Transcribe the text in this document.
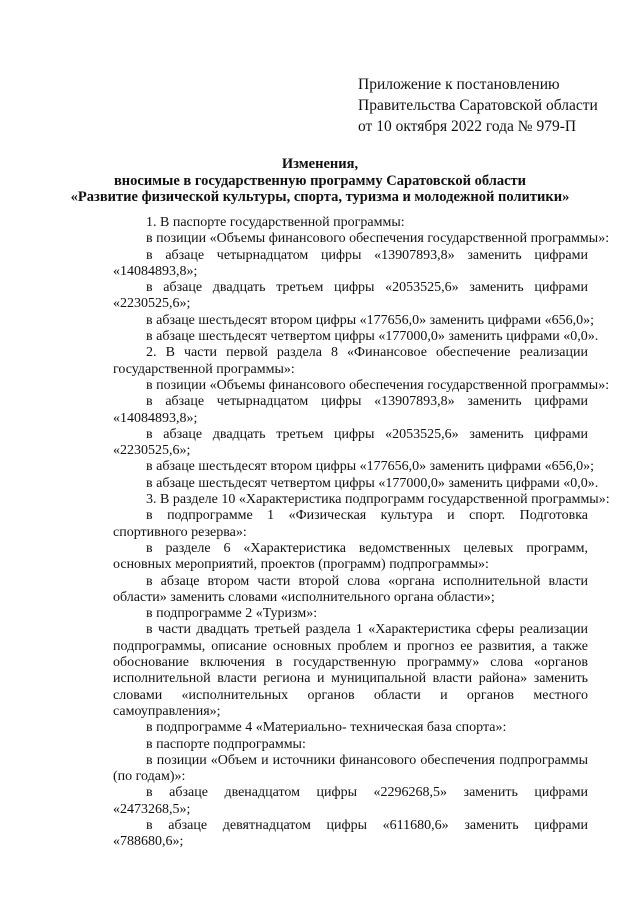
Приложение к постановлению
Правительства Саратовской области
от 10 октября 2022 года № 979-П
Изменения,
вносимые в государственную программу Саратовской области
«Развитие физической культуры, спорта, туризма и молодежной политики»

1. В паспорте государственной программы:

в позиции «Объемы финансового обеспечения государственной программы»:

в абзаце четырнадцатом цифры «13907893,8» заменить цифрами «14084893,8»;

в абзаце двадцать третьем цифры «2053525,6» заменить цифрами «2230525,6»;

в абзаце шестьдесят втором цифры «177656,0» заменить цифрами «656,0»;

в абзаце шестьдесят четвертом цифры «177000,0» заменить цифрами «0,0».

2. В части первой раздела 8 «Финансовое обеспечение реализации государственной программы»:

в позиции «Объемы финансового обеспечения государственной программы»:

в абзаце четырнадцатом цифры «13907893,8» заменить цифрами «14084893,8»;

в абзаце двадцать третьем цифры «2053525,6» заменить цифрами «2230525,6»;

в абзаце шестьдесят втором цифры «177656,0» заменить цифрами «656,0»;

в абзаце шестьдесят четвертом цифры «177000,0» заменить цифрами «0,0».

3. В разделе 10 «Характеристика подпрограмм государственной программы»:

в подпрограмме 1 «Физическая культура и спорт. Подготовка спортивного резерва»:

в разделе 6 «Характеристика ведомственных целевых программ, основных мероприятий, проектов (программ) подпрограммы»:

в абзаце втором части второй слова «органа исполнительной власти области» заменить словами «исполнительного органа области»;

в подпрограмме 2 «Туризм»:

в части двадцать третьей раздела 1 «Характеристика сферы реализации подпрограммы, описание основных проблем и прогноз ее развития, а также обоснование включения в государственную программу» слова «органов исполнительной власти региона и муниципальной власти района» заменить словами «исполнительных органов области и органов местного самоуправления»;

в подпрограмме 4 «Материально- техническая база спорта»:

в паспорте подпрограммы:

в позиции «Объем и источники финансового обеспечения подпрограммы (по годам)»:

в абзаце двенадцатом цифры «2296268,5» заменить цифрами «2473268,5»;

в абзаце девятнадцатом цифры «611680,6» заменить цифрами «788680,6»;
